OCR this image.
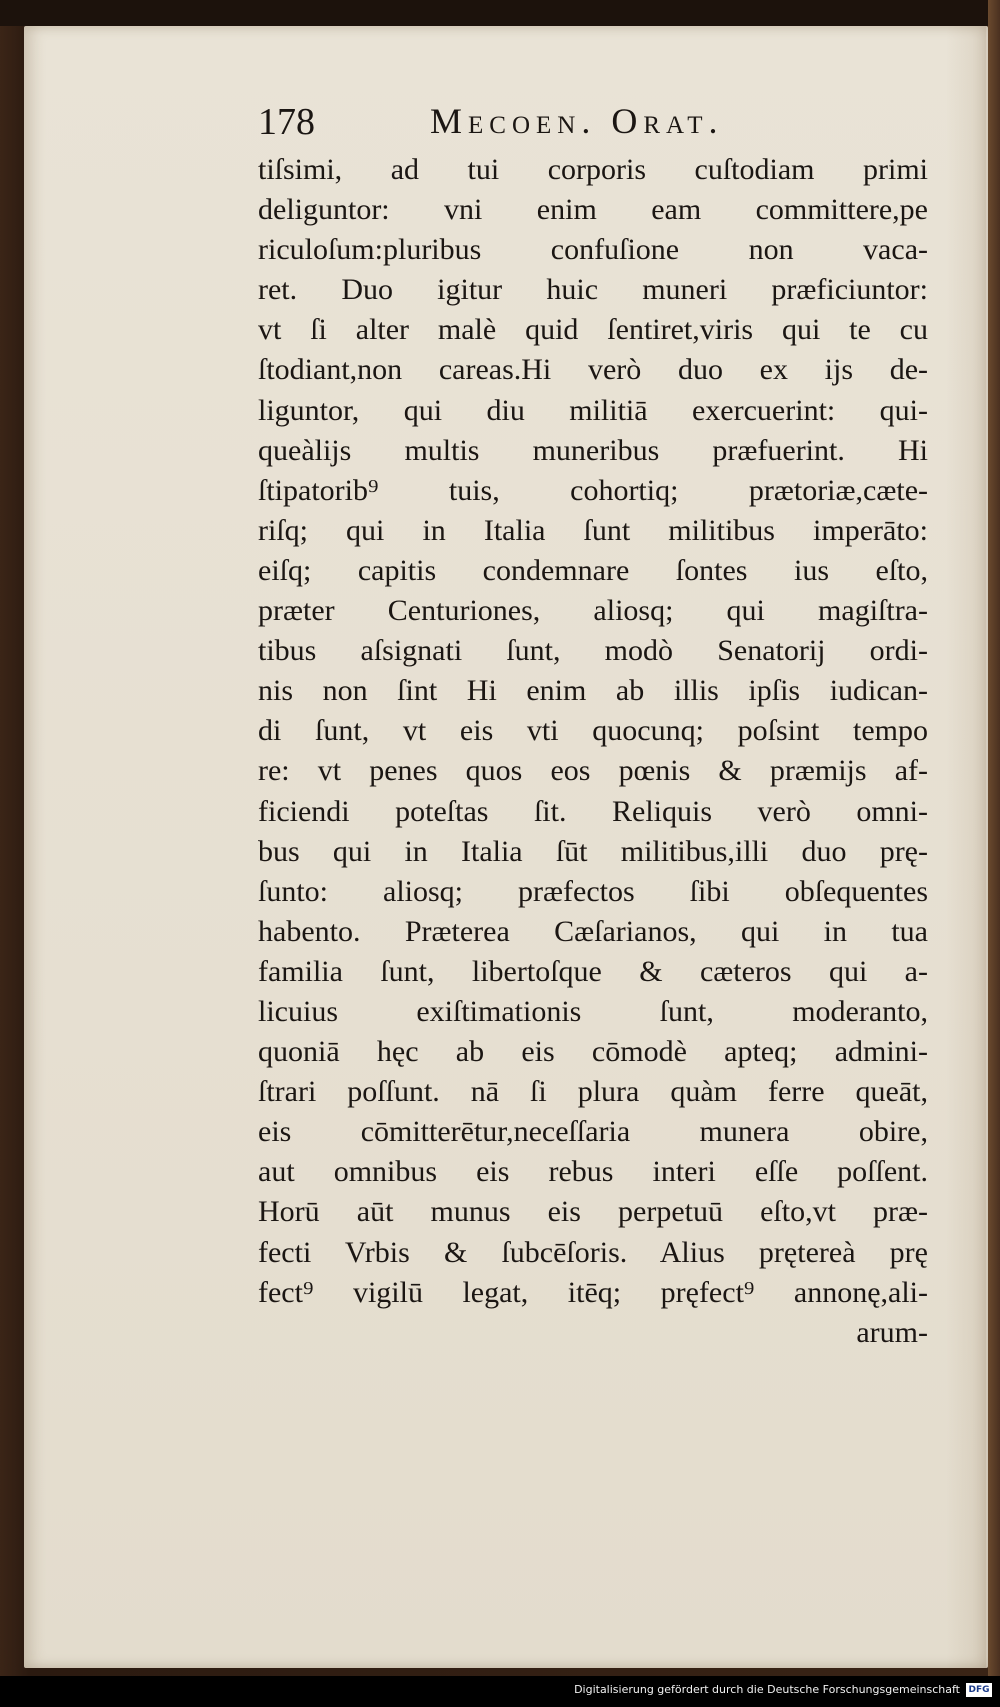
178	Mecoen. Orat.
tiſsimi, ad tui corporis cuſtodiam primi
deliguntor: vni enim eam committere,pe
riculoſum:pluribus confuſione non vaca-
ret. Duo igitur huic muneri præficiuntor:
vt ſi alter malè quid ſentiret,viris qui te cu
ſtodiant,non careas.Hi verò duo ex ijs de-
liguntor, qui diu militiā exercuerint: qui-
queàlijs multis muneribus præfuerint. Hi
ſtipatorib⁹ tuis, cohortiq; prætoriæ,cæte-
riſq; qui in Italia ſunt militibus imperāto:
eiſq; capitis condemnare ſontes ius eſto,
præter Centuriones, aliosq; qui magiſtra-
tibus aſsignati ſunt, modò Senatorij ordi-
nis non ſint Hi enim ab illis ipſis iudican-
di ſunt, vt eis vti quocunq; poſsint tempo
re: vt penes quos eos pœnis & præmijs af-
ficiendi poteſtas ſit. Reliquis verò omni-
bus qui in Italia ſūt militibus,illi duo prę-
ſunto: aliosq; præfectos ſibi obſequentes
habento. Præterea Cæſarianos, qui in tua
familia ſunt, libertoſque & cæteros qui a-
licuius exiſtimationis ſunt, moderanto,
quoniā hęc ab eis cōmodè apteq; admini-
ſtrari poſſunt. nā ſi plura quàm ferre queāt,
eis cōmitterētur,neceſſaria munera obire,
aut omnibus eis rebus interi eſſe poſſent.
Horū aūt munus eis perpetuū eſto,vt præ-
fecti Vrbis & ſubcēſoris. Alius prętereà prę
fect⁹ vigilū legat, itēq; pręfect⁹ annonę,ali-
arum-
Digitalisierung gefördert durch die Deutsche Forschungsgemeinschaft DFG
